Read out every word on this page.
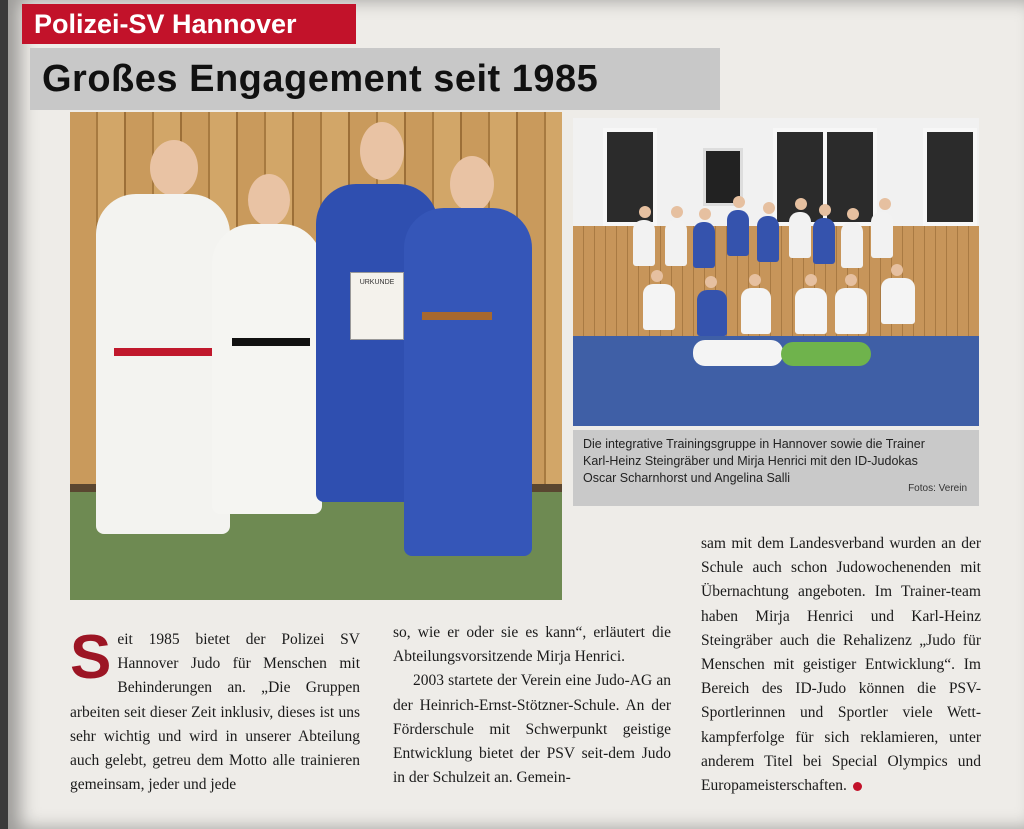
Polizei-SV Hannover
Großes Engagement seit 1985
URKUNDE
Die integrative Trainingsgruppe in Hannover sowie die Trainer
Karl-Heinz Steingräber und Mirja Henrici mit den ID-Judokas
Oscar Scharnhorst und Angelina Salli
Fotos: Verein
S eit 1985 bietet der Polizei SV Hannover Judo für Menschen mit Behinderungen an. „Die Gruppen arbeiten seit dieser Zeit inklusiv, dieses ist uns sehr wichtig und wird in unserer Abteilung auch gelebt, getreu dem Motto alle trainieren gemeinsam, jeder und jede

so, wie er oder sie es kann“, erläutert die Abteilungsvorsitzende Mirja Henrici.

2003 startete der Verein eine Judo-AG an der Heinrich-Ernst-Stötzner-Schule. An der Förderschule mit Schwerpunkt geistige Entwicklung bietet der PSV seit-dem Judo in der Schulzeit an. Gemein-

sam mit dem Landesverband wurden an der Schule auch schon Judowochenenden mit Übernachtung angeboten. Im Trainer-team haben Mirja Henrici und Karl-Heinz Steingräber auch die Rehalizenz „Judo für Menschen mit geistiger Entwicklung“. Im Bereich des ID-Judo können die PSV-Sportlerinnen und Sportler viele Wett-kampferfolge für sich reklamieren, unter anderem Titel bei Special Olympics und Europameisterschaften.
